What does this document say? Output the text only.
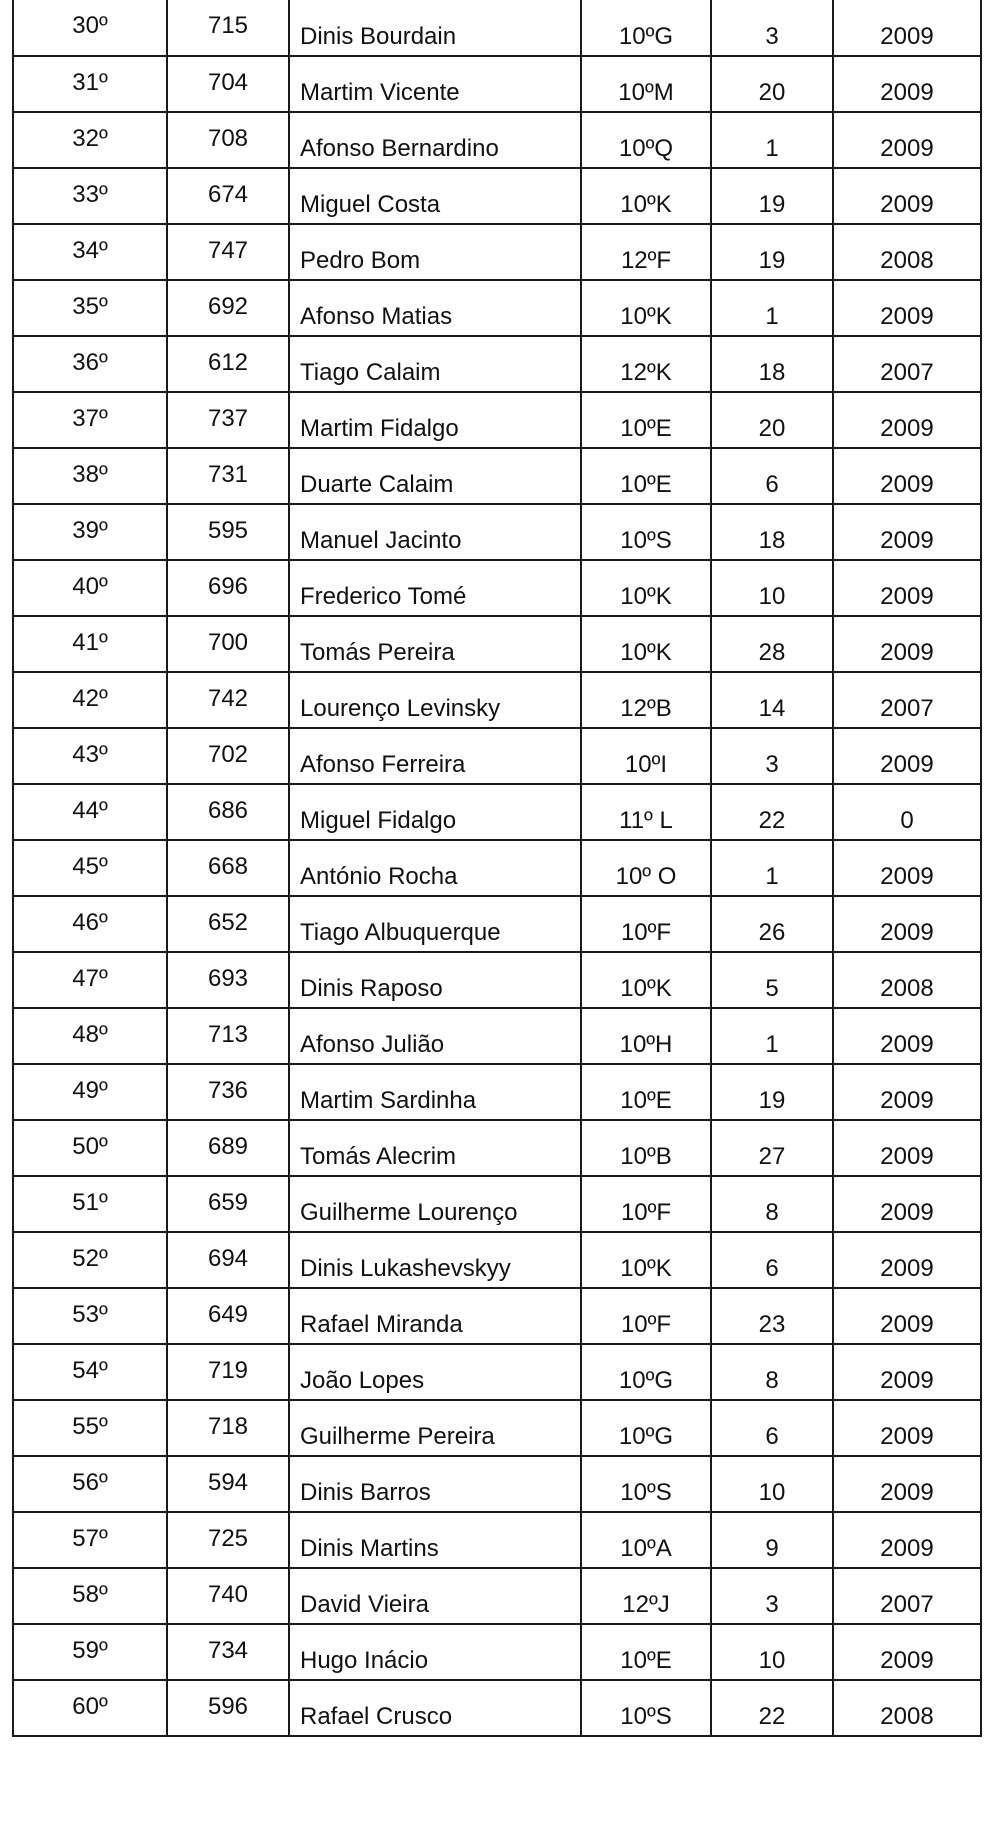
30º	715	Dinis Bourdain	10ºG	3	2009
31º	704	Martim Vicente	10ºM	20	2009
32º	708	Afonso Bernardino	10ºQ	1	2009
33º	674	Miguel Costa	10ºK	19	2009
34º	747	Pedro Bom	12ºF	19	2008
35º	692	Afonso Matias	10ºK	1	2009
36º	612	Tiago Calaim	12ºK	18	2007
37º	737	Martim Fidalgo	10ºE	20	2009
38º	731	Duarte Calaim	10ºE	6	2009
39º	595	Manuel Jacinto	10ºS	18	2009
40º	696	Frederico Tomé	10ºK	10	2009
41º	700	Tomás Pereira	10ºK	28	2009
42º	742	Lourenço Levinsky	12ºB	14	2007
43º	702	Afonso Ferreira	10ºI	3	2009
44º	686	Miguel Fidalgo	11º L	22	0
45º	668	António Rocha	10º O	1	2009
46º	652	Tiago Albuquerque	10ºF	26	2009
47º	693	Dinis Raposo	10ºK	5	2008
48º	713	Afonso Julião	10ºH	1	2009
49º	736	Martim Sardinha	10ºE	19	2009
50º	689	Tomás Alecrim	10ºB	27	2009
51º	659	Guilherme Lourenço	10ºF	8	2009
52º	694	Dinis Lukashevskyy	10ºK	6	2009
53º	649	Rafael Miranda	10ºF	23	2009
54º	719	João Lopes	10ºG	8	2009
55º	718	Guilherme Pereira	10ºG	6	2009
56º	594	Dinis Barros	10ºS	10	2009
57º	725	Dinis Martins	10ºA	9	2009
58º	740	David Vieira	12ºJ	3	2007
59º	734	Hugo Inácio	10ºE	10	2009
60º	596	Rafael Crusco	10ºS	22	2008
